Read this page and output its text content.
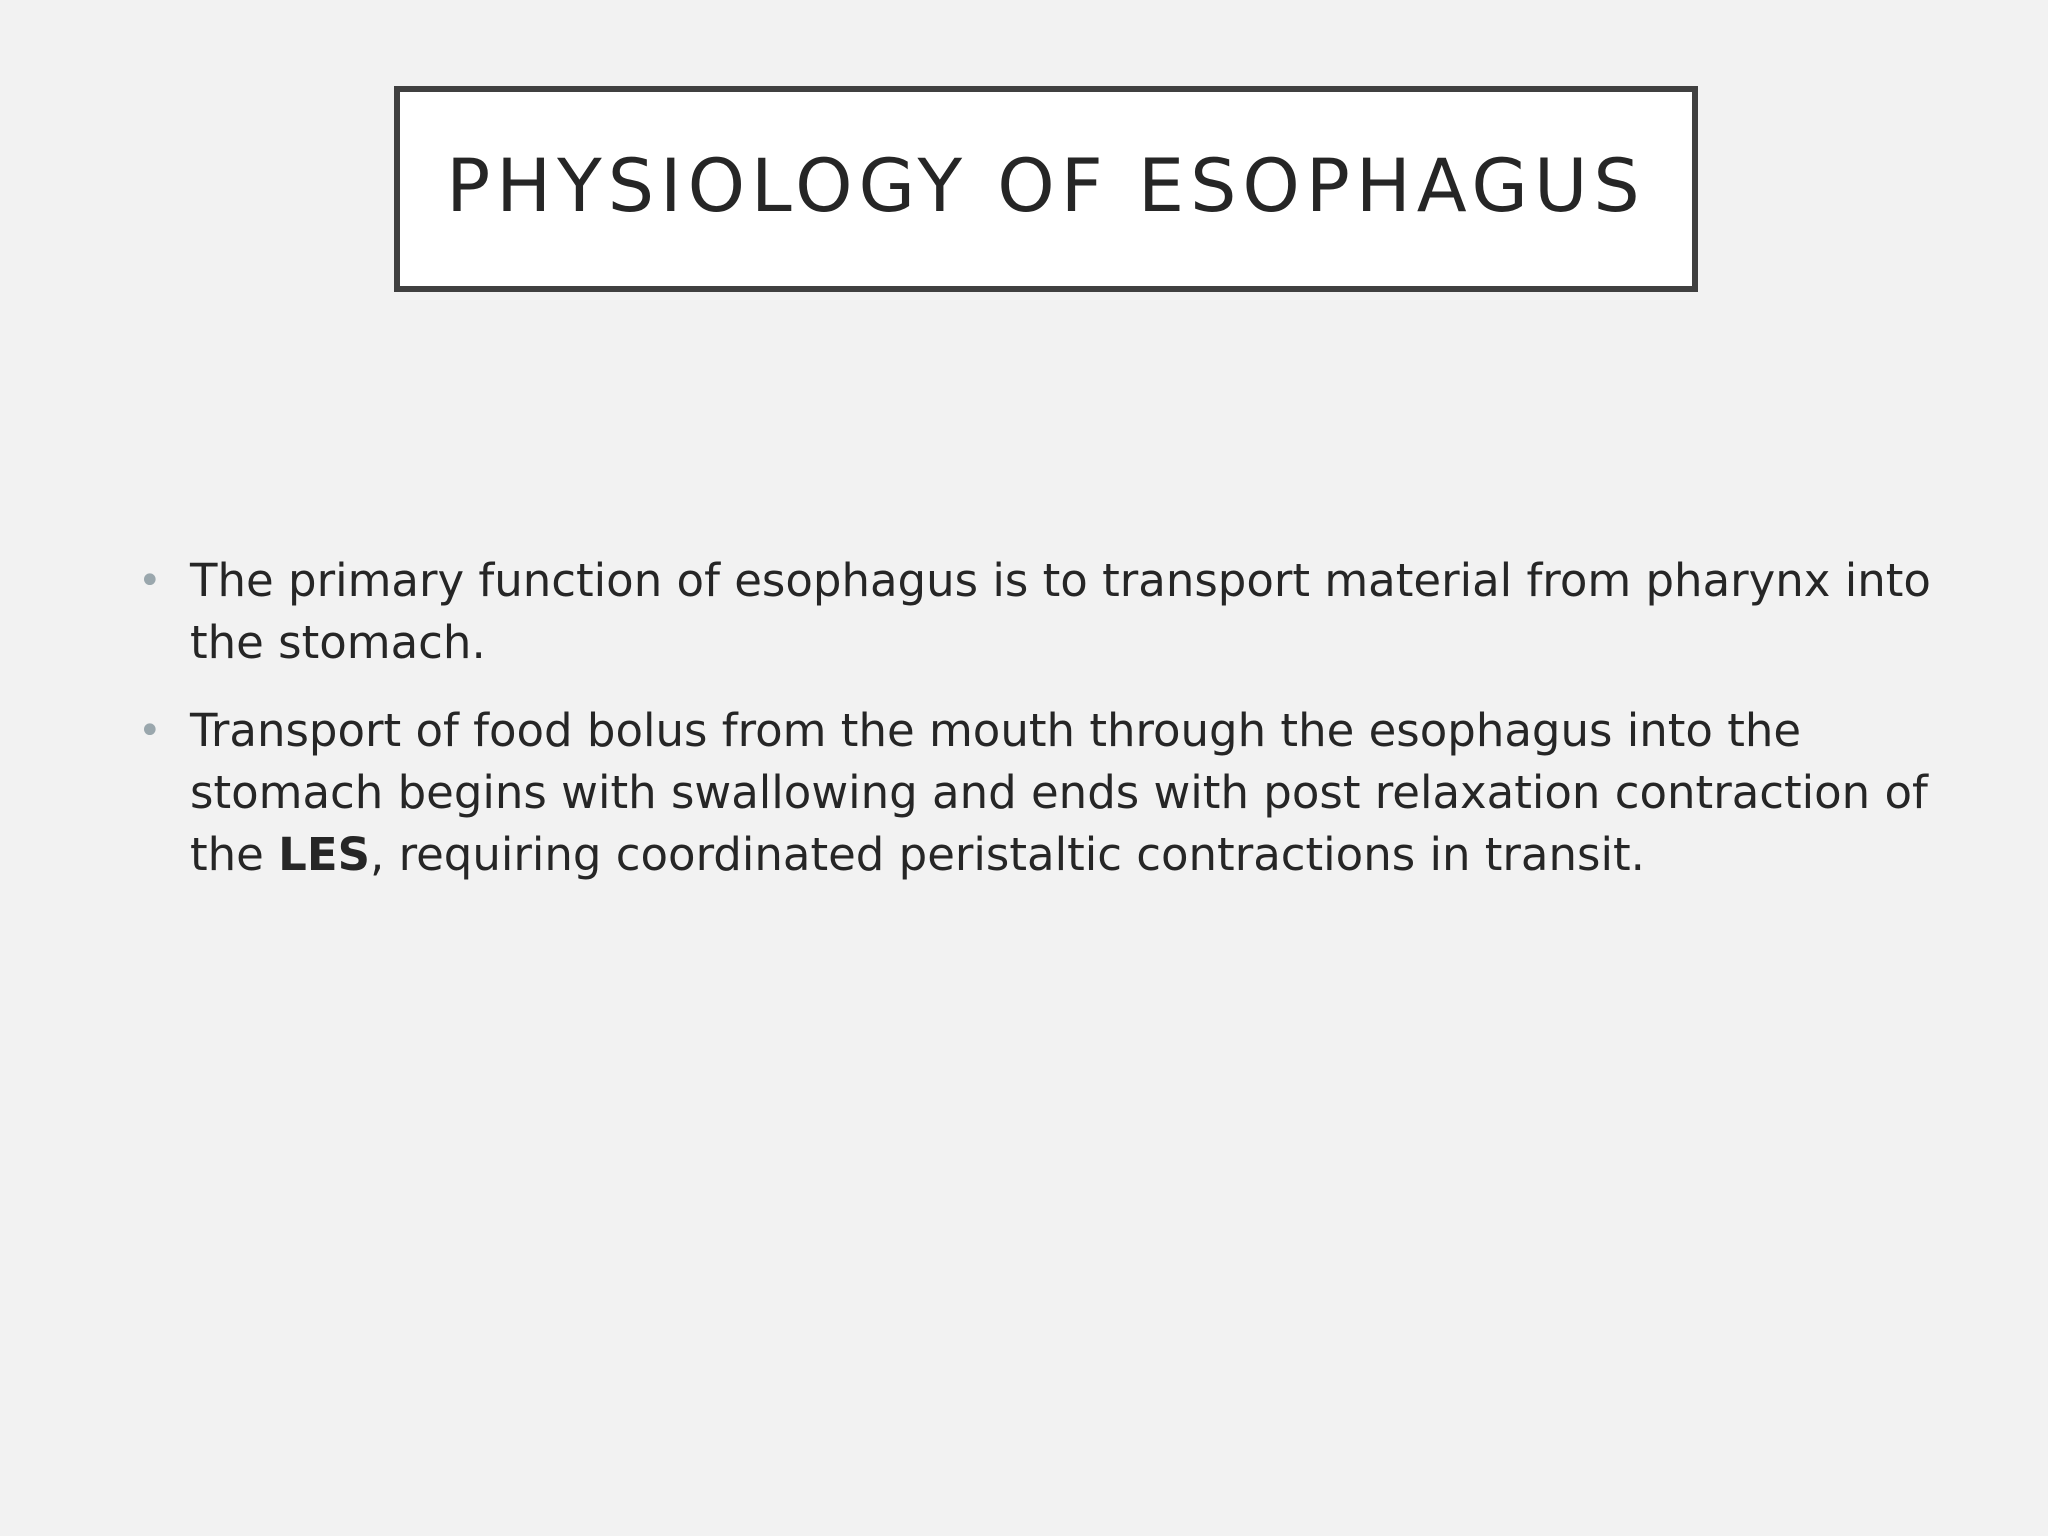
PHYSIOLOGY OF ESOPHAGUS
• The primary function of esophagus is to transport material from pharynx into the stomach.
• Transport of food bolus from the mouth through the esophagus into the stomach begins with swallowing and ends with post relaxation contraction of the LES, requiring coordinated peristaltic contractions in transit.
